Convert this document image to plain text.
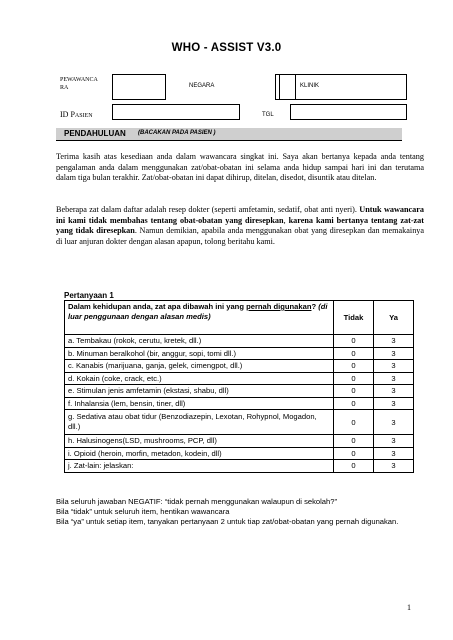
WHO - ASSIST V3.0
PEWAWANCA
RA	NEGARA	KLINIK
ID PASIEN	TGL
PENDAHULUAN (BACAKAN PADA PASIEN )
Terima kasih atas kesediaan anda dalam wawancara singkat ini. Saya akan bertanya kepada anda tentang pengalaman anda dalam menggunakan zat/obat-obatan ini selama anda hidup sampai hari ini dan terutama dalam tiga bulan terakhir. Zat/obat-obatan ini dapat dihirup, ditelan, disedot, disuntik atau ditelan.
Beberapa zat dalam daftar adalah resep dokter (seperti amfetamin, sedatif, obat anti nyeri). Untuk wawancara ini kami tidak membahas tentang obat-obatan yang diresepkan, karena kami bertanya tentang zat-zat yang tidak diresepkan. Namun demikian, apabila anda menggunakan obat yang diresepkan dan memakainya di luar anjuran dokter dengan alasan apapun, tolong beritahu kami.
Pertanyaan 1
Dalam kehidupan anda, zat apa dibawah ini yang pernah digunakan? (di luar penggunaan dengan alasan medis)	Tidak	Ya
a. Tembakau (rokok, cerutu, kretek, dll.)	0	3
b. Minuman beralkohol (bir, anggur, sopi, tomi dll.)	0	3
c. Kanabis (marijuana, ganja, gelek, cimengpot, dll.)	0	3
d. Kokain (coke, crack, etc.)	0	3
e. Stimulan jenis amfetamin (ekstasi, shabu, dll)	0	3
f. Inhalansia (lem, bensin, tiner, dll)	0	3
g. Sedativa atau obat tidur (Benzodiazepin, Lexotan, Rohypnol, Mogadon, dll.)	0	3
h. Halusinogens(LSD, mushrooms, PCP, dll)	0	3
i. Opioid (heroin, morfin, metadon, kodein, dll)	0	3
j. Zat-lain: jelaskan:	0	3
Bila seluruh jawaban NEGATIF: “tidak pernah menggunakan walaupun di sekolah?”
Bila “tidak” untuk seluruh item, hentikan wawancara
Bila “ya” untuk setiap item, tanyakan pertanyaan 2 untuk tiap zat/obat-obatan yang pernah digunakan.
1
